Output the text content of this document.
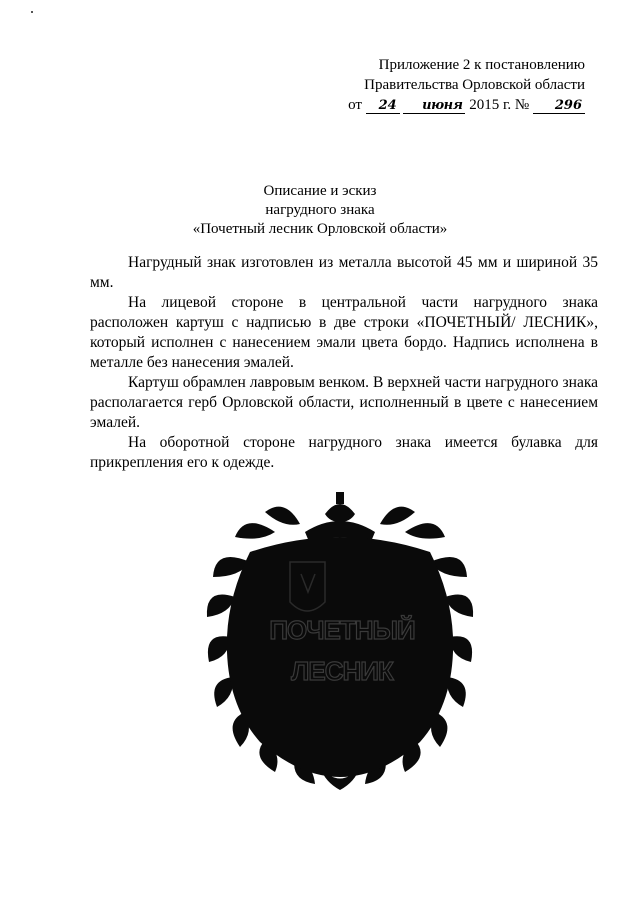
Приложение 2 к постановлению
Правительства Орловской области
от 24 июня 2015 г. № 296
Описание и эскиз
нагрудного знака
«Почетный лесник Орловской области»

Нагрудный знак изготовлен из металла высотой 45 мм и шириной 35 мм.

На лицевой стороне в центральной части нагрудного знака расположен картуш с надписью в две строки «ПОЧЕТНЫЙ/ ЛЕСНИК», который исполнен с нанесением эмали цвета бордо. Надпись исполнена в металле без нанесения эмалей.

Картуш обрамлен лавровым венком. В верхней части нагрудного знака располагается герб Орловской области, исполненный в цвете с нанесением эмалей.

На оборотной стороне нагрудного знака имеется булавка для прикрепления его к одежде.

ПОЧЕТНЫЙ
ЛЕСНИК
